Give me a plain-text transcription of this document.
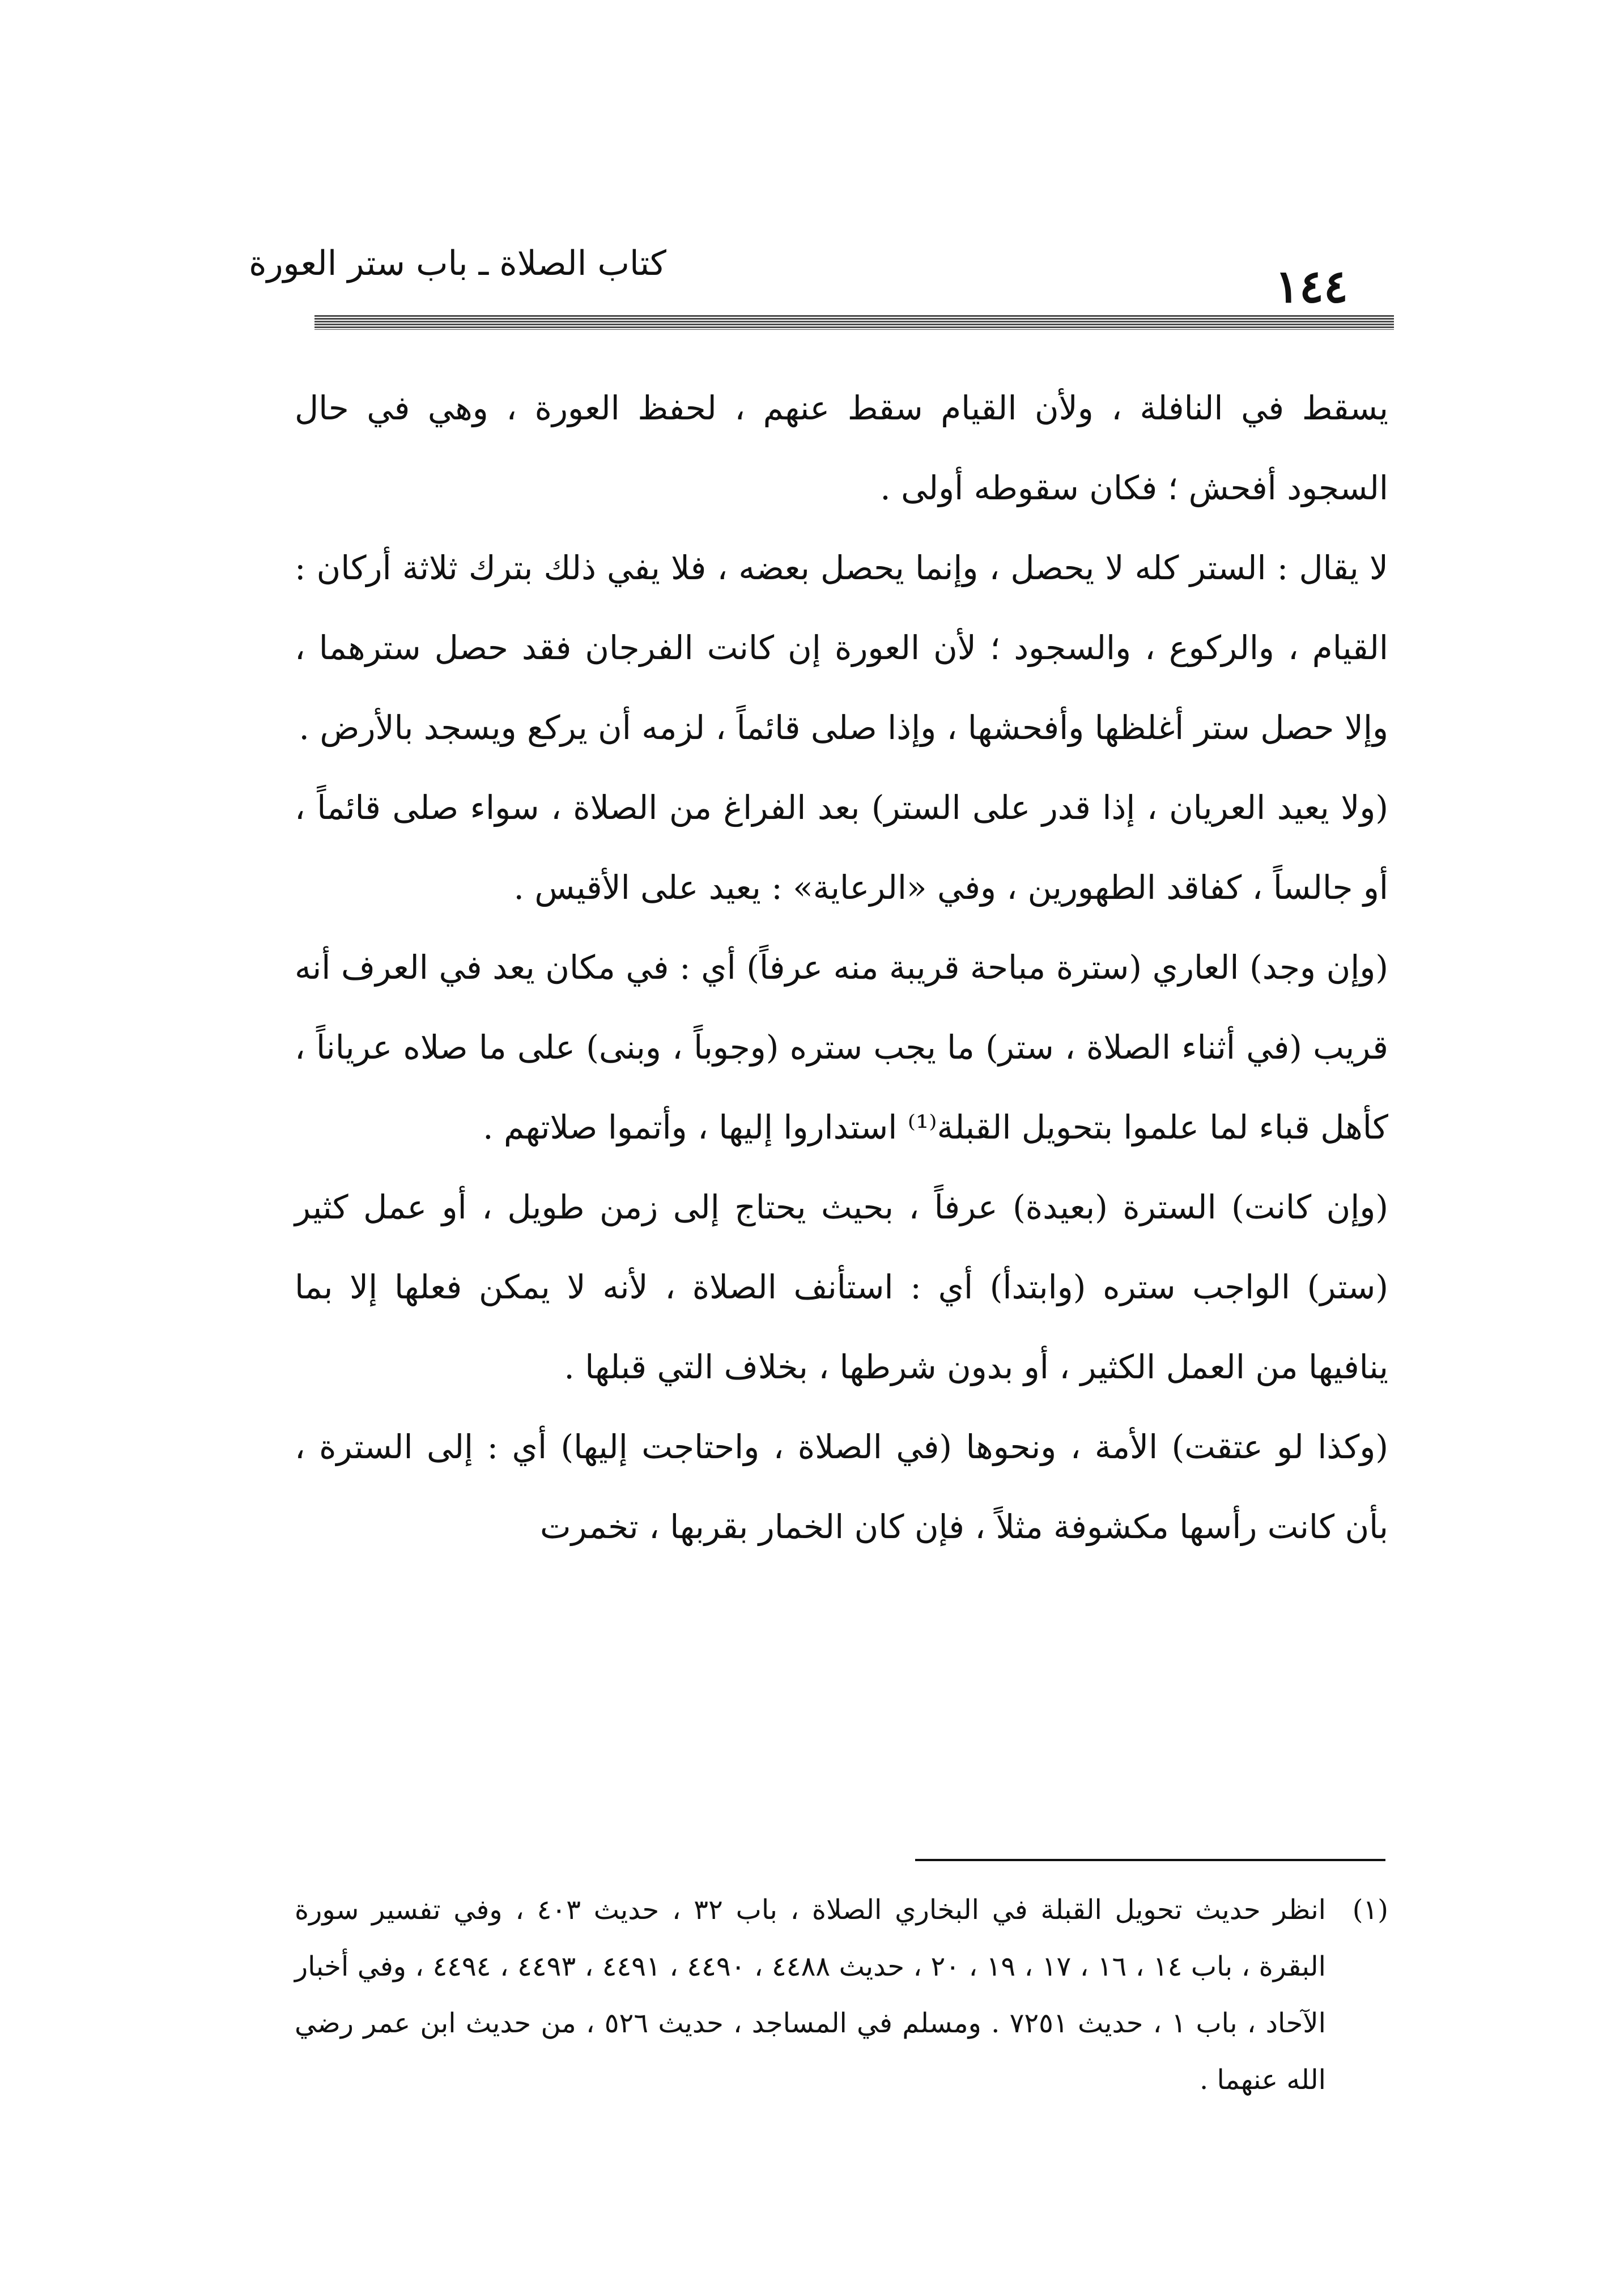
كتاب الصلاة ـ باب ستر العورة	١٤٤

يسقط في النافلة ، ولأن القيام سقط عنهم ، لحفظ العورة ، وهي في حال السجود أفحش ؛ فكان سقوطه أولى .

لا يقال : الستر كله لا يحصل ، وإنما يحصل بعضه ، فلا يفي ذلك بترك ثلاثة أركان : القيام ، والركوع ، والسجود ؛ لأن العورة إن كانت الفرجان فقد حصل سترهما ، وإلا حصل ستر أغلظها وأفحشها ، وإذا صلى قائماً ، لزمه أن يركع ويسجد بالأرض .

(ولا يعيد العريان ، إذا قدر على الستر) بعد الفراغ من الصلاة ، سواء صلى قائماً ، أو جالساً ، كفاقد الطهورين ، وفي «الرعاية» : يعيد على الأقيس .

(وإن وجد) العاري (سترة مباحة قريبة منه عرفاً) أي : في مكان يعد في العرف أنه قريب (في أثناء الصلاة ، ستر) ما يجب ستره (وجوباً ، وبنى) على ما صلاه عرياناً ، كأهل قباء لما علموا بتحويل القبلة⁽¹⁾ استداروا إليها ، وأتموا صلاتهم .

(وإن كانت) السترة (بعيدة) عرفاً ، بحيث يحتاج إلى زمن طويل ، أو عمل كثير (ستر) الواجب ستره (وابتدأ) أي : استأنف الصلاة ، لأنه لا يمكن فعلها إلا بما ينافيها من العمل الكثير ، أو بدون شرطها ، بخلاف التي قبلها .

(وكذا لو عتقت) الأمة ، ونحوها (في الصلاة ، واحتاجت إليها) أي : إلى السترة ، بأن كانت رأسها مكشوفة مثلاً ، فإن كان الخمار بقربها ، تخمرت

(١)
انظر حديث تحويل القبلة في البخاري الصلاة ، باب ٣٢ ، حديث ٤٠٣ ، وفي تفسير سورة البقرة ، باب ١٤ ، ١٦ ، ١٧ ، ١٩ ، ٢٠ ، حديث ٤٤٨٨ ، ٤٤٩٠ ، ٤٤٩١ ، ٤٤٩٣ ، ٤٤٩٤ ، وفي أخبار الآحاد ، باب ١ ، حديث ٧٢٥١ . ومسلم في المساجد ، حديث ٥٢٦ ، من حديث ابن عمر رضي الله عنهما .
